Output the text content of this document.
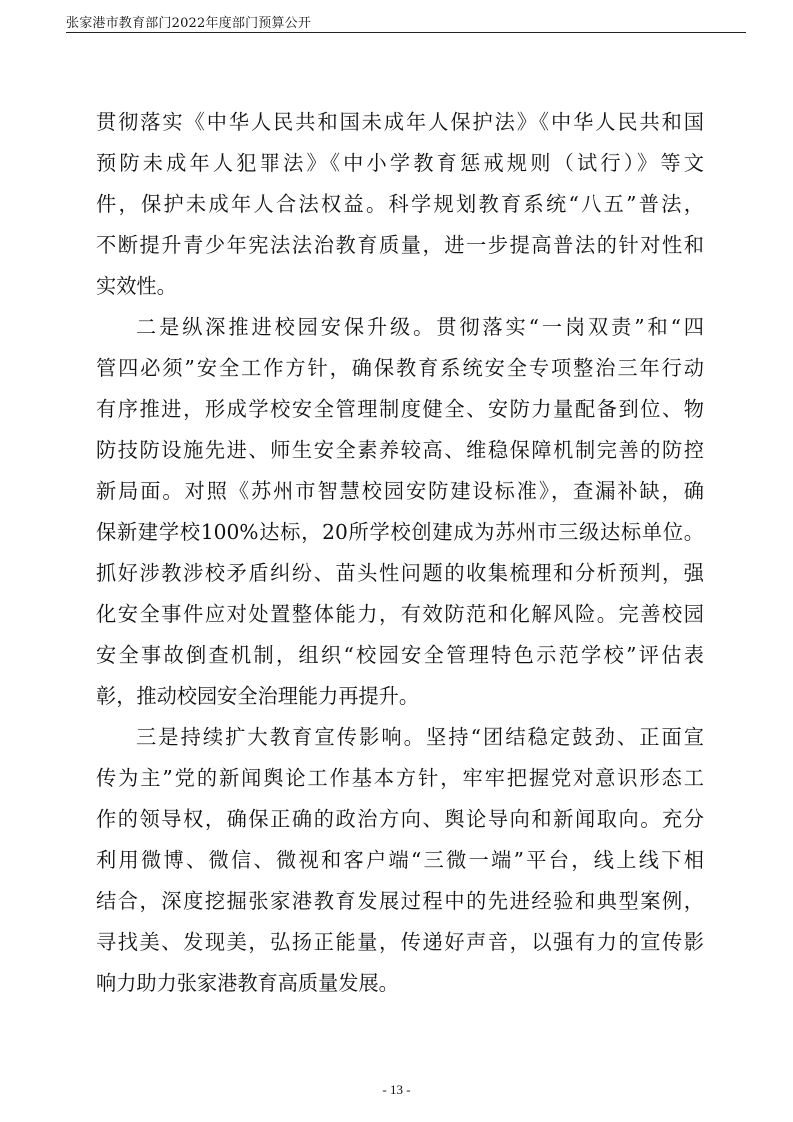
张家港市教育部门2022年度部门预算公开
贯彻落实《中华人民共和国未成年人保护法》《中华人民共和国
预防未成年人犯罪法》《中小学教育惩戒规则（试行）》等文
件，保护未成年人合法权益。科学规划教育系统“八五”普法，
不断提升青少年宪法法治教育质量，进一步提高普法的针对性和
实效性。
二是纵深推进校园安保升级。贯彻落实“一岗双责”和“四
管四必须”安全工作方针，确保教育系统安全专项整治三年行动
有序推进，形成学校安全管理制度健全、安防力量配备到位、物
防技防设施先进、师生安全素养较高、维稳保障机制完善的防控
新局面。对照《苏州市智慧校园安防建设标准》，查漏补缺，确
保新建学校100%达标，20所学校创建成为苏州市三级达标单位。
抓好涉教涉校矛盾纠纷、苗头性问题的收集梳理和分析预判，强
化安全事件应对处置整体能力，有效防范和化解风险。完善校园
安全事故倒查机制，组织“校园安全管理特色示范学校”评估表
彰，推动校园安全治理能力再提升。
三是持续扩大教育宣传影响。坚持“团结稳定鼓劲、正面宣
传为主”党的新闻舆论工作基本方针，牢牢把握党对意识形态工
作的领导权，确保正确的政治方向、舆论导向和新闻取向。充分
利用微博、微信、微视和客户端“三微一端”平台，线上线下相
结合，深度挖掘张家港教育发展过程中的先进经验和典型案例，
寻找美、发现美，弘扬正能量，传递好声音，以强有力的宣传影
响力助力张家港教育高质量发展。
- 13 -
